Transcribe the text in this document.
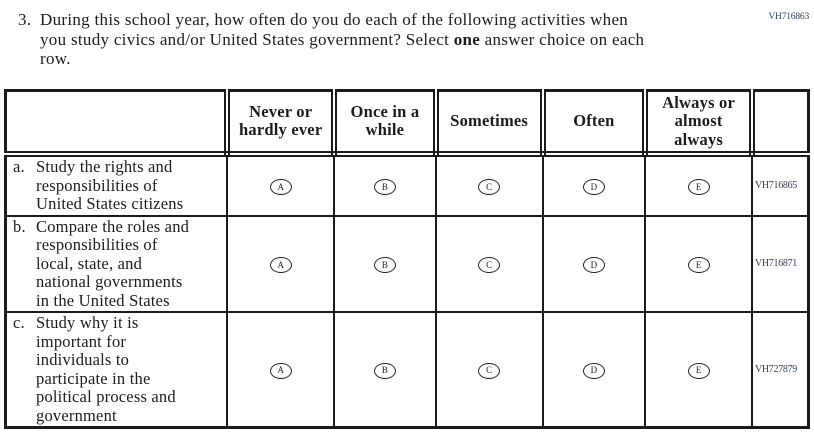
VH716863
3. During this school year, how often do you do each of the following activities when
you study civics and/or United States government? Select one answer choice on each
row.
	Never or hardly ever	Once in a while	Sometimes	Often	Always or almost always	

a. Study the rights and
responsibilities of
United States citizens	A	B	C	D	E	VH716865

b. Compare the roles and
responsibilities of
local, state, and
national governments
in the United States
	A	B	C	D	E	VH716871

c. Study why it is
important for
individuals to
participate in the
political process and
government
	A	B	C	D	E	VH727879
